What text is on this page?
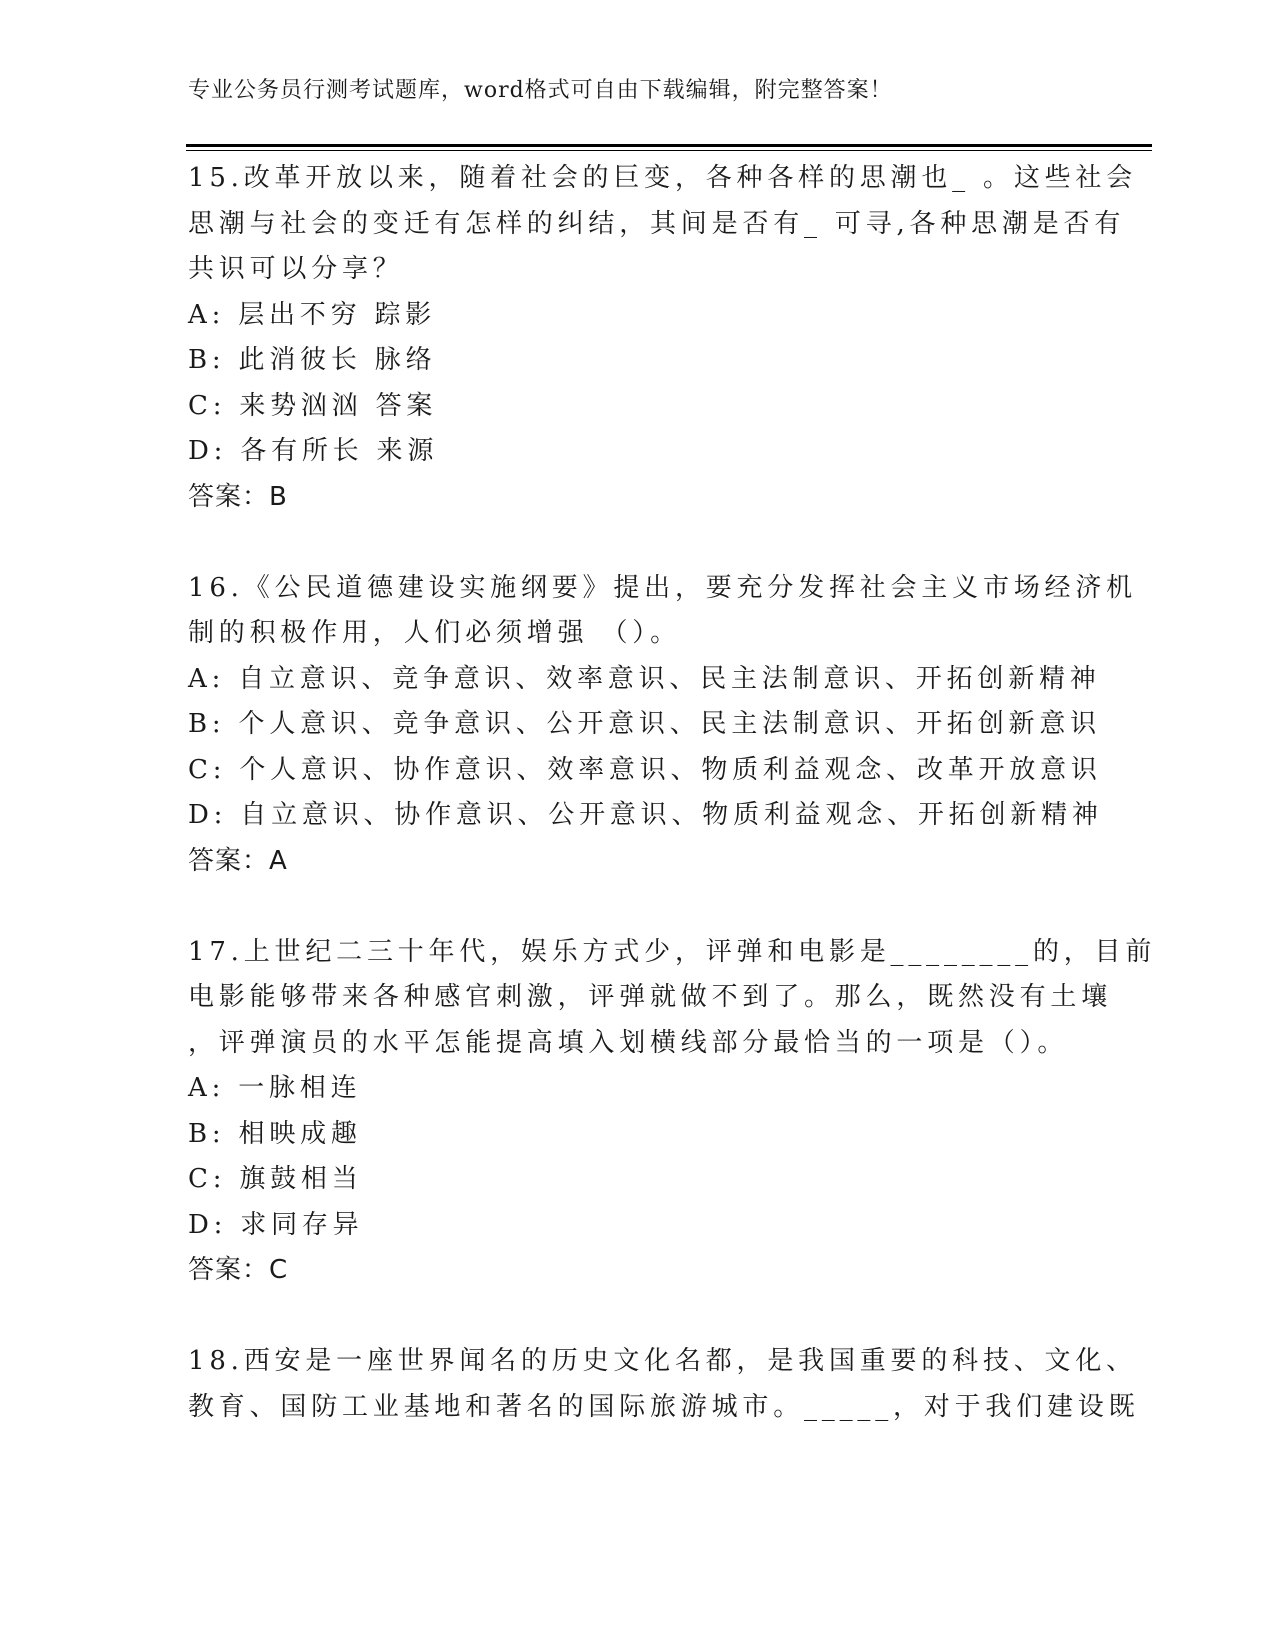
专业公务员行测考试题库，word格式可自由下载编辑，附完整答案！
15.改革开放以来，随着社会的巨变，各种各样的思潮也_ 。这些社会
思潮与社会的变迁有怎样的纠结，其间是否有_ 可寻,各种思潮是否有
共识可以分享？
A: 层出不穷 踪影
B: 此消彼长 脉络
C: 来势汹汹 答案
D: 各有所长 来源
答案：B
16.《公民道德建设实施纲要》提出，要充分发挥社会主义市场经济机
制的积极作用，人们必须增强 （）。
A: 自立意识、竞争意识、效率意识、民主法制意识、开拓创新精神
B: 个人意识、竞争意识、公开意识、民主法制意识、开拓创新意识
C: 个人意识、协作意识、效率意识、物质利益观念、改革开放意识
D: 自立意识、协作意识、公开意识、物质利益观念、开拓创新精神
答案：A
17.上世纪二三十年代，娱乐方式少，评弹和电影是________的，目前
电影能够带来各种感官刺激，评弹就做不到了。那么，既然没有土壤
，评弹演员的水平怎能提高填入划横线部分最恰当的一项是（）。
A: 一脉相连
B: 相映成趣
C: 旗鼓相当
D: 求同存异
答案：C
18.西安是一座世界闻名的历史文化名都，是我国重要的科技、文化、
教育、国防工业基地和著名的国际旅游城市。_____，对于我们建设既
